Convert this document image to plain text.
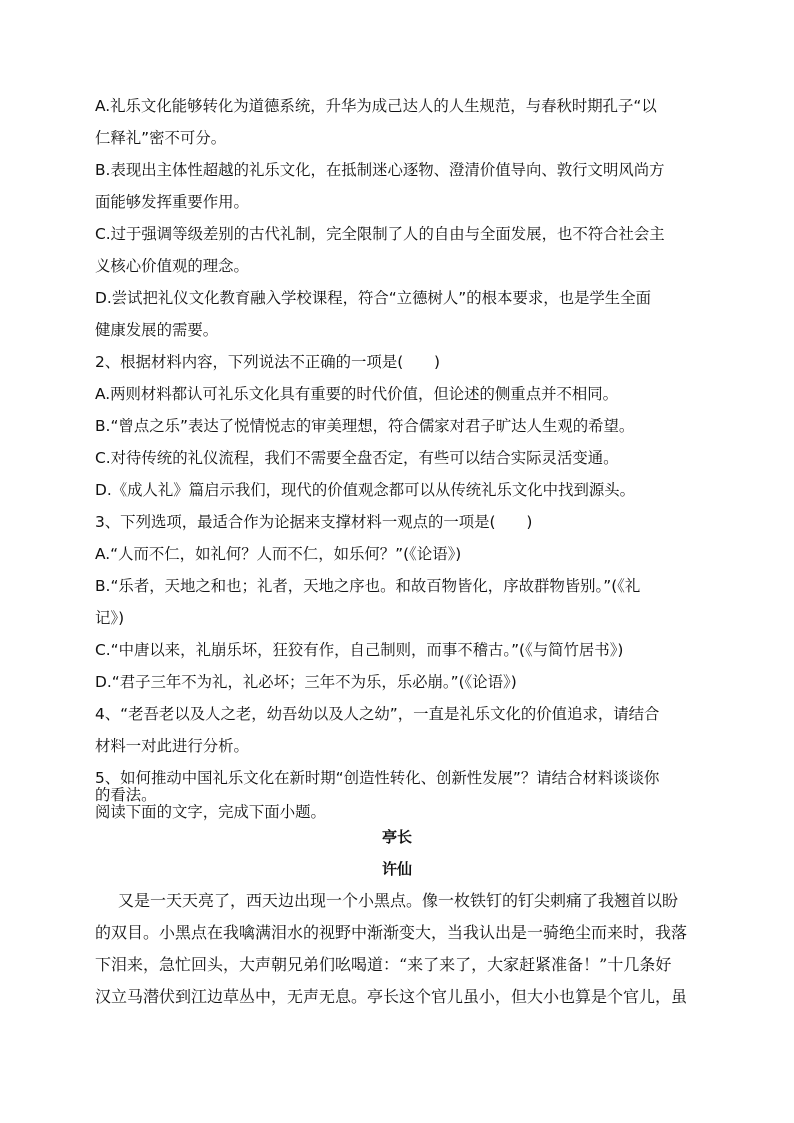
A.礼乐文化能够转化为道德系统，升华为成己达人的人生规范，与春秋时期孔子“以
仁释礼”密不可分。
B.表现出主体性超越的礼乐文化，在抵制迷心逐物、澄清价值导向、敦行文明风尚方
面能够发挥重要作用。
C.过于强调等级差别的古代礼制，完全限制了人的自由与全面发展，也不符合社会主
义核心价值观的理念。
D.尝试把礼仪文化教育融入学校课程，符合“立德树人”的根本要求，也是学生全面
健康发展的需要。
2、根据材料内容，下列说法不正确的一项是(　　)
A.两则材料都认可礼乐文化具有重要的时代价值，但论述的侧重点并不相同。
B.“曾点之乐”表达了悦情悦志的审美理想，符合儒家对君子旷达人生观的希望。
C.对待传统的礼仪流程，我们不需要全盘否定，有些可以结合实际灵活变通。
D.《成人礼》篇启示我们，现代的价值观念都可以从传统礼乐文化中找到源头。
3、下列选项，最适合作为论据来支撑材料一观点的一项是(　　)
A.“人而不仁，如礼何？人而不仁，如乐何？”(《论语》)
B.“乐者，天地之和也；礼者，天地之序也。和故百物皆化，序故群物皆别。”(《礼
记》)
C.“中唐以来，礼崩乐坏，狂狡有作，自己制则，而事不稽古。”(《与简竹居书》)
D.“君子三年不为礼，礼必坏；三年不为乐，乐必崩。”(《论语》)
4、“老吾老以及人之老，幼吾幼以及人之幼”，一直是礼乐文化的价值追求，请结合
材料一对此进行分析。
5、如何推动中国礼乐文化在新时期“创造性转化、创新性发展”？请结合材料谈谈你
的看法。
阅读下面的文字，完成下面小题。
亭长
许仙
又是一天天亮了，西天边出现一个小黑点。像一枚铁钉的钉尖刺痛了我翘首以盼
的双目。小黑点在我噙满泪水的视野中渐渐变大，当我认出是一骑绝尘而来时，我落
下泪来，急忙回头，大声朝兄弟们吆喝道：“来了来了，大家赶紧准备！”十几条好
汉立马潜伏到江边草丛中，无声无息。亭长这个官儿虽小，但大小也算是个官儿，虽
